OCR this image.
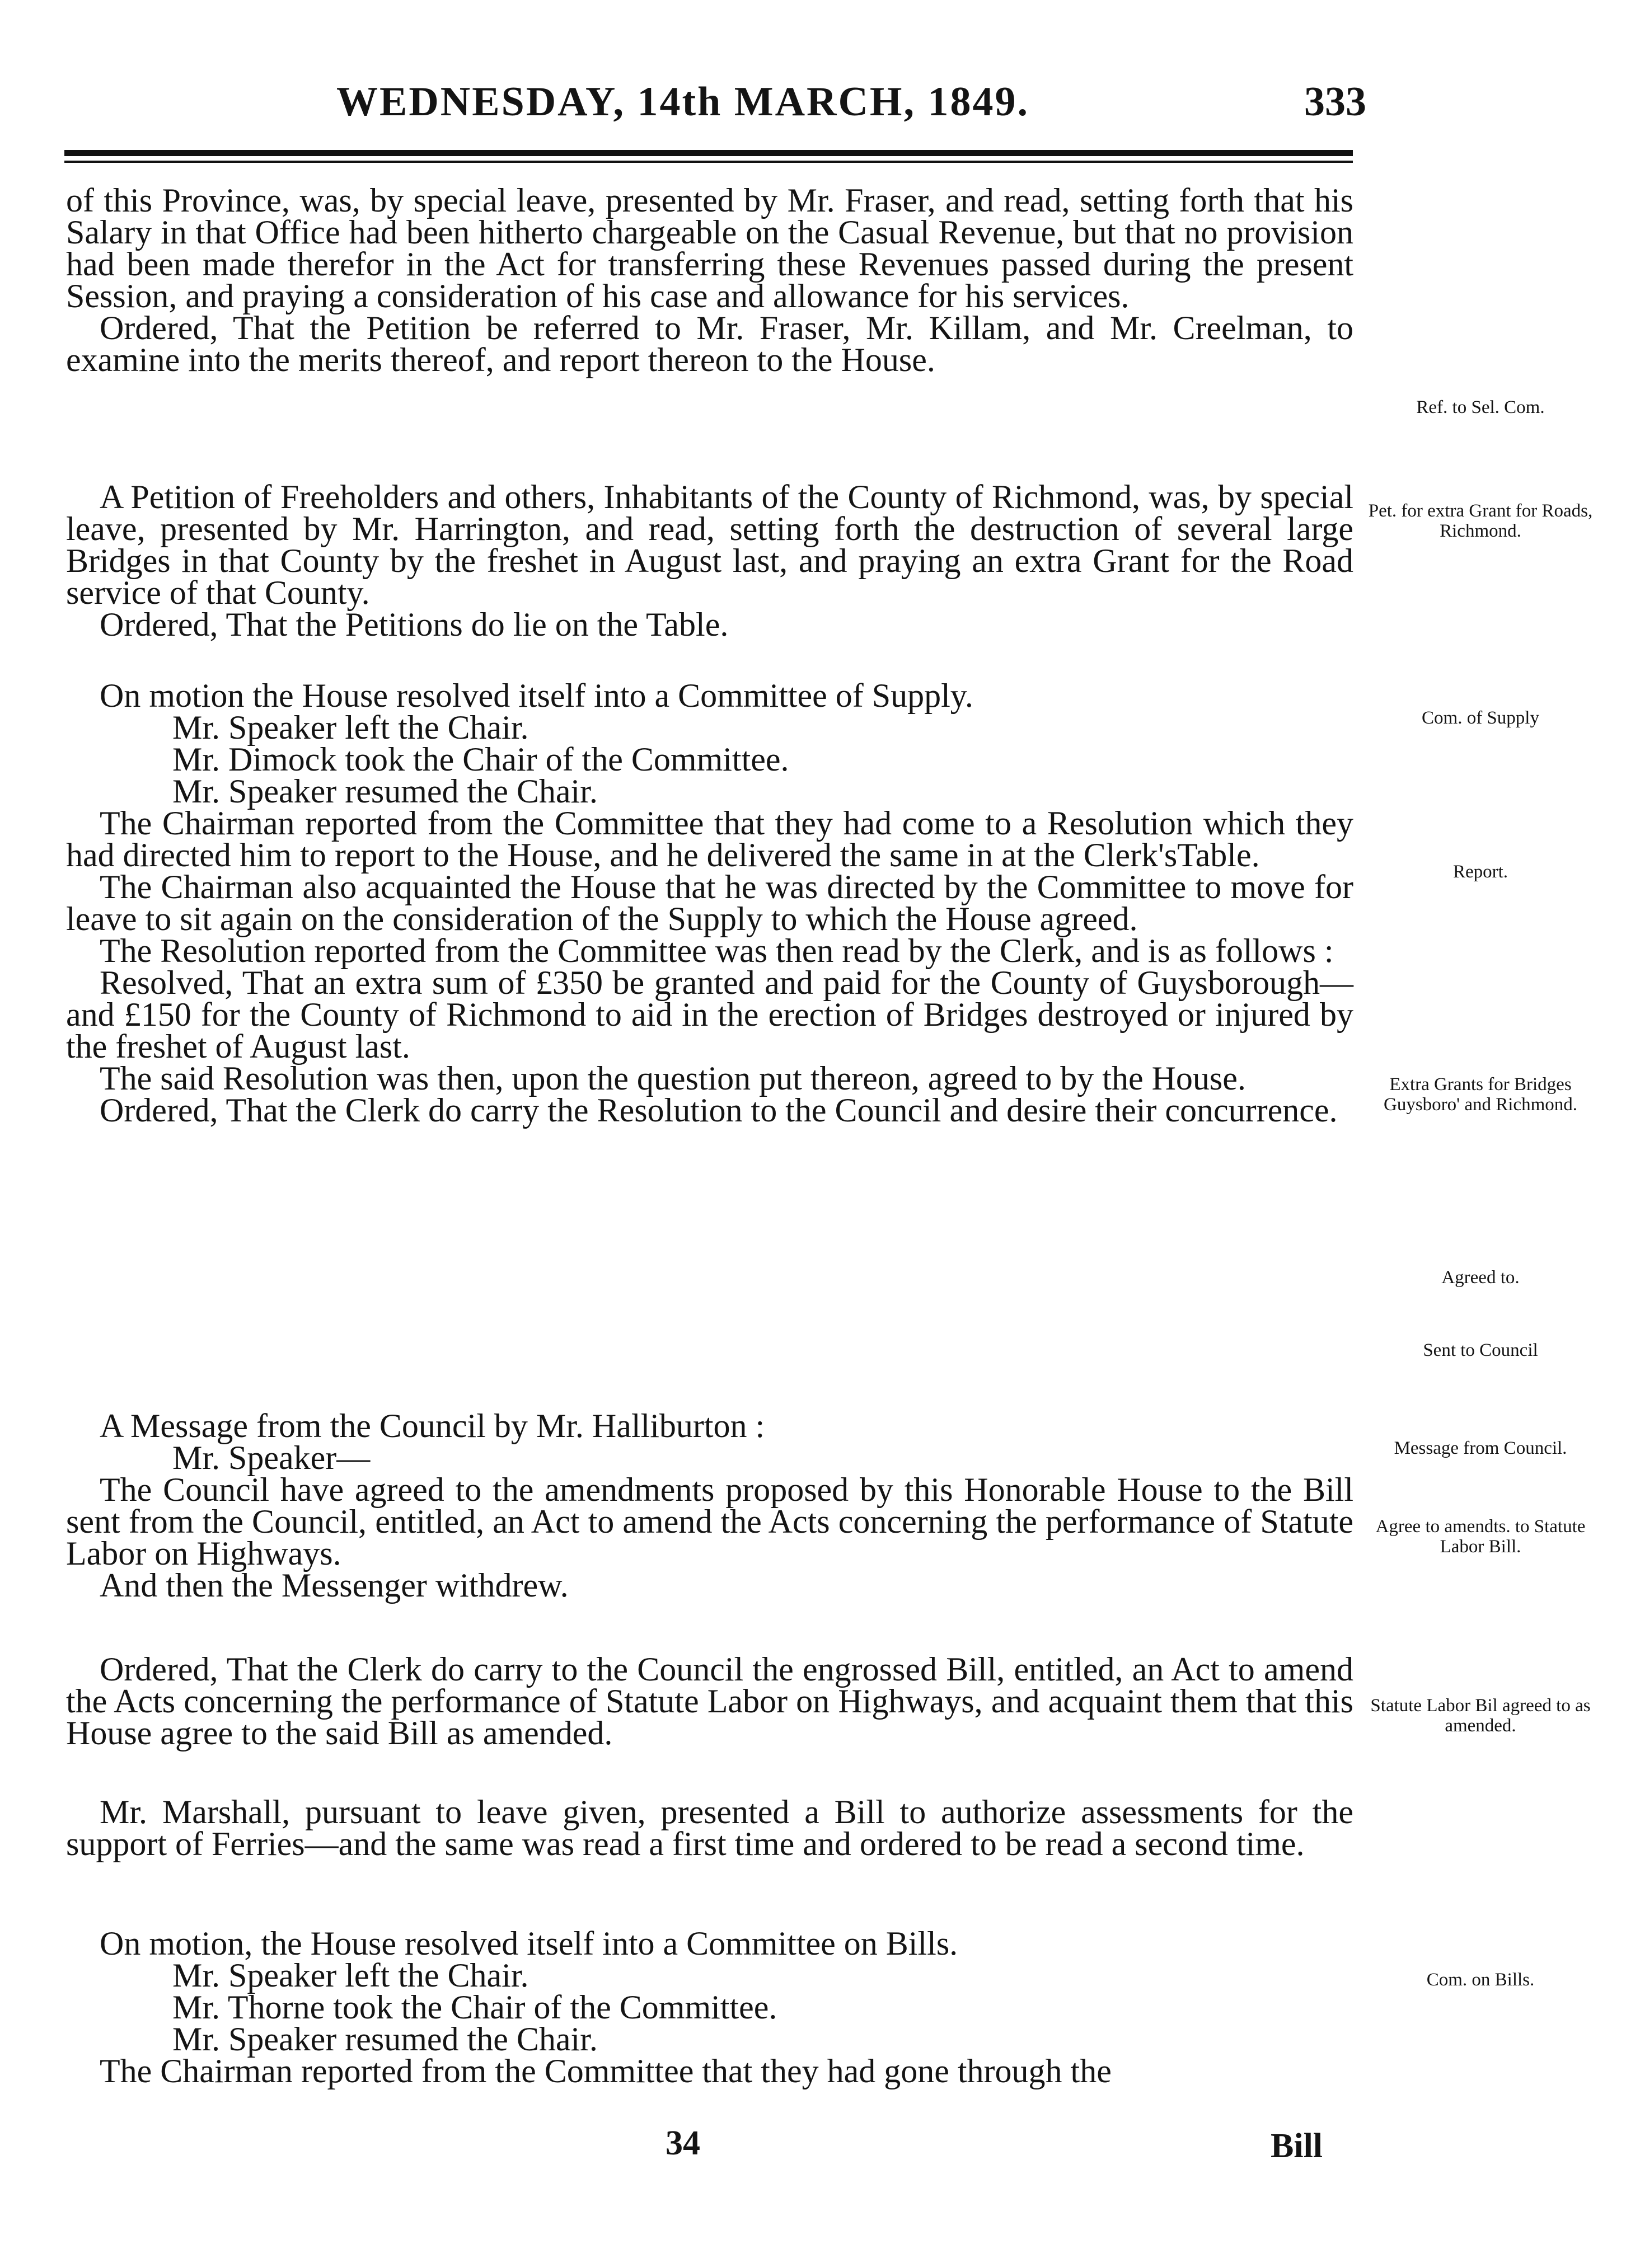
WEDNESDAY, 14th MARCH, 1849.	333

of this Province, was, by special leave, presented by Mr. Fraser, and read, setting forth that his Salary in that Office had been hitherto chargeable on the Casual Revenue, but that no provision had been made therefor in the Act for transferring these Revenues passed during the present Session, and praying a consideration of his case and allowance for his services.

Ordered, That the Petition be referred to Mr. Fraser, Mr. Killam, and Mr. Creelman, to examine into the merits thereof, and report thereon to the House.

A Petition of Freeholders and others, Inhabitants of the County of Richmond, was, by special leave, presented by Mr. Harrington, and read, setting forth the destruction of several large Bridges in that County by the freshet in August last, and praying an extra Grant for the Road service of that County.

Ordered, That the Petitions do lie on the Table.

On motion the House resolved itself into a Committee of Supply.

Mr. Speaker left the Chair.

Mr. Dimock took the Chair of the Committee.

Mr. Speaker resumed the Chair.

The Chairman reported from the Committee that they had come to a Resolution which they had directed him to report to the House, and he delivered the same in at the Clerk'sTable.

The Chairman also acquainted the House that he was directed by the Committee to move for leave to sit again on the consideration of the Supply to which the House agreed.

The Resolution reported from the Committee was then read by the Clerk, and is as follows :

Resolved, That an extra sum of £350 be granted and paid for the County of Guysborough—and £150 for the County of Richmond to aid in the erection of Bridges destroyed or injured by the freshet of August last.

The said Resolution was then, upon the question put thereon, agreed to by the House.

Ordered, That the Clerk do carry the Resolution to the Council and desire their concurrence.

A Message from the Council by Mr. Halliburton :

Mr. Speaker—

The Council have agreed to the amendments proposed by this Honorable House to the Bill sent from the Council, entitled, an Act to amend the Acts concerning the performance of Statute Labor on Highways.

And then the Messenger withdrew.

Ordered, That the Clerk do carry to the Council the engrossed Bill, entitled, an Act to amend the Acts concerning the performance of Statute Labor on Highways, and acquaint them that this House agree to the said Bill as amended.

Mr. Marshall, pursuant to leave given, presented a Bill to authorize assessments for the support of Ferries—and the same was read a first time and ordered to be read a second time.

On motion, the House resolved itself into a Committee on Bills.

Mr. Speaker left the Chair.

Mr. Thorne took the Chair of the Committee.

Mr. Speaker resumed the Chair.

The Chairman reported from the Committee that they had gone through the

Ref. to Sel. Com.
Pet. for extra Grant for Roads, Richmond.
Com. of Supply
Report.
Extra Grants for Bridges Guysboro' and Richmond.
Agreed to.
Sent to Council
Message from Council.
Agree to amendts. to Statute Labor Bill.
Statute Labor Bil agreed to as amended.
Com. on Bills.
34	Bill
